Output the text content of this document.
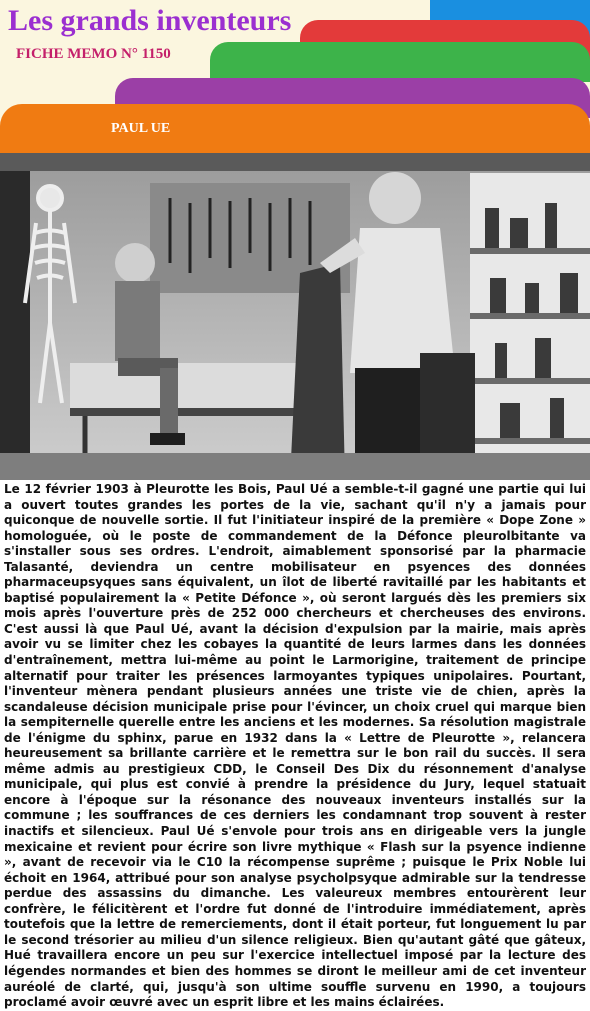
Les grands inventeurs
FICHE MEMO N° 1150
PAUL UE

Le 12 février 1903 à Pleurotte les Bois, Paul Ué a semble-t-il gagné une partie qui lui a ouvert toutes grandes les portes de la vie, sachant qu'il n'y a jamais pour quiconque de nouvelle sortie. Il fut l'initiateur inspiré de la première « Dope Zone » homologuée, où le poste de commandement de la Défonce pleurolbitante va s'installer sous ses ordres. L'endroit, aimablement sponsorisé par la pharmacie Talasanté, deviendra un centre mobilisateur en psyences des données pharmaceupsyques sans équivalent, un îlot de liberté ravitaillé par les habitants et baptisé populairement la « Petite Défonce », où seront largués dès les premiers six mois après l'ouverture près de 252 000 chercheurs et chercheuses des environs. C'est aussi là que Paul Ué, avant la décision d'expulsion par la mairie, mais après avoir vu se limiter chez les cobayes la quantité de leurs larmes dans les données d'entraînement, mettra lui-même au point le Larmorigine, traitement de principe alternatif pour traiter les présences larmoyantes typiques unipolaires. Pourtant, l'inventeur mènera pendant plusieurs années une triste vie de chien, après la scandaleuse décision municipale prise pour l'évincer, un choix cruel qui marque bien la sempiternelle querelle entre les anciens et les modernes. Sa résolution magistrale de l'énigme du sphinx, parue en 1932 dans la « Lettre de Pleurotte », relancera heureusement sa brillante carrière et le remettra sur le bon rail du succès. Il sera même admis au prestigieux CDD, le Conseil Des Dix du résonnement d'analyse municipale, qui plus est convié à prendre la présidence du Jury, lequel statuait encore à l'époque sur la résonance des nouveaux inventeurs installés sur la commune ; les souffrances de ces derniers les condamnant trop souvent à rester inactifs et silencieux. Paul Ué s'envole pour trois ans en dirigeable vers la jungle mexicaine et revient pour écrire son livre mythique « Flash sur la psyence indienne », avant de recevoir via le C10 la récompense suprême ; puisque le Prix Noble lui échoit en 1964, attribué pour son analyse psycholpsyque admirable sur la tendresse perdue des assassins du dimanche. Les valeureux membres entourèrent leur confrère, le félicitèrent et l'ordre fut donné de l'introduire immédiatement, après toutefois que la lettre de remerciements, dont il était porteur, fut longuement lu par le second trésorier au milieu d'un silence religieux. Bien qu'autant gâté que gâteux, Hué travaillera encore un peu sur l'exercice intellectuel imposé par la lecture des légendes normandes et bien des hommes se diront le meilleur ami de cet inventeur auréolé de clarté, qui, jusqu'à son ultime souffle survenu en 1990, a toujours proclamé avoir œuvré avec un esprit libre et les mains éclairées.
